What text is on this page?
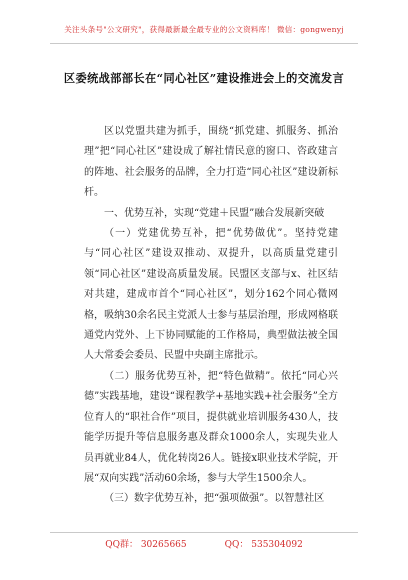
关注头条号"公文研究"，获得最新最全最专业的公文资料库！ 微信：gongwenyj
区委统战部部长在“同心社区”建设推进会上的交流发言

区以党盟共建为抓手，围绕“抓党建、抓服务、抓治理”把“同心社区”建设成了解社情民意的窗口、咨政建言的阵地、社会服务的品牌，全力打造“同心社区”建设新标杆。

一、优势互补，实现“党建＋民盟”融合发展新突破

（一）党建优势互补，把“优势做优”。坚持党建与“同心社区”建设双推动、双提升，以高质量党建引领“同心社区”建设高质量发展。民盟区支部与x、社区结对共建，建成市首个“同心社区”，划分162个同心微网格，吸纳30余名民主党派人士参与基层治理，形成网格联通党内党外、上下协同赋能的工作格局，典型做法被全国人大常委会委员、民盟中央副主席批示。

（二）服务优势互补，把“特色做精”。依托“同心兴德”实践基地，建设“课程教学+基地实践+社会服务”全方位育人的“职社合作”项目，提供就业培训服务430人，技能学历提升等信息服务惠及群众1000余人，实现失业人员再就业84人，优化转岗26人。链接x职业技术学院，开展“双向实践”活动60余场，参与大学生1500余人。

（三）数字优势互补，把“强项做强”。以智慧社区

QQ群： 30265665	QQ： 535304092
